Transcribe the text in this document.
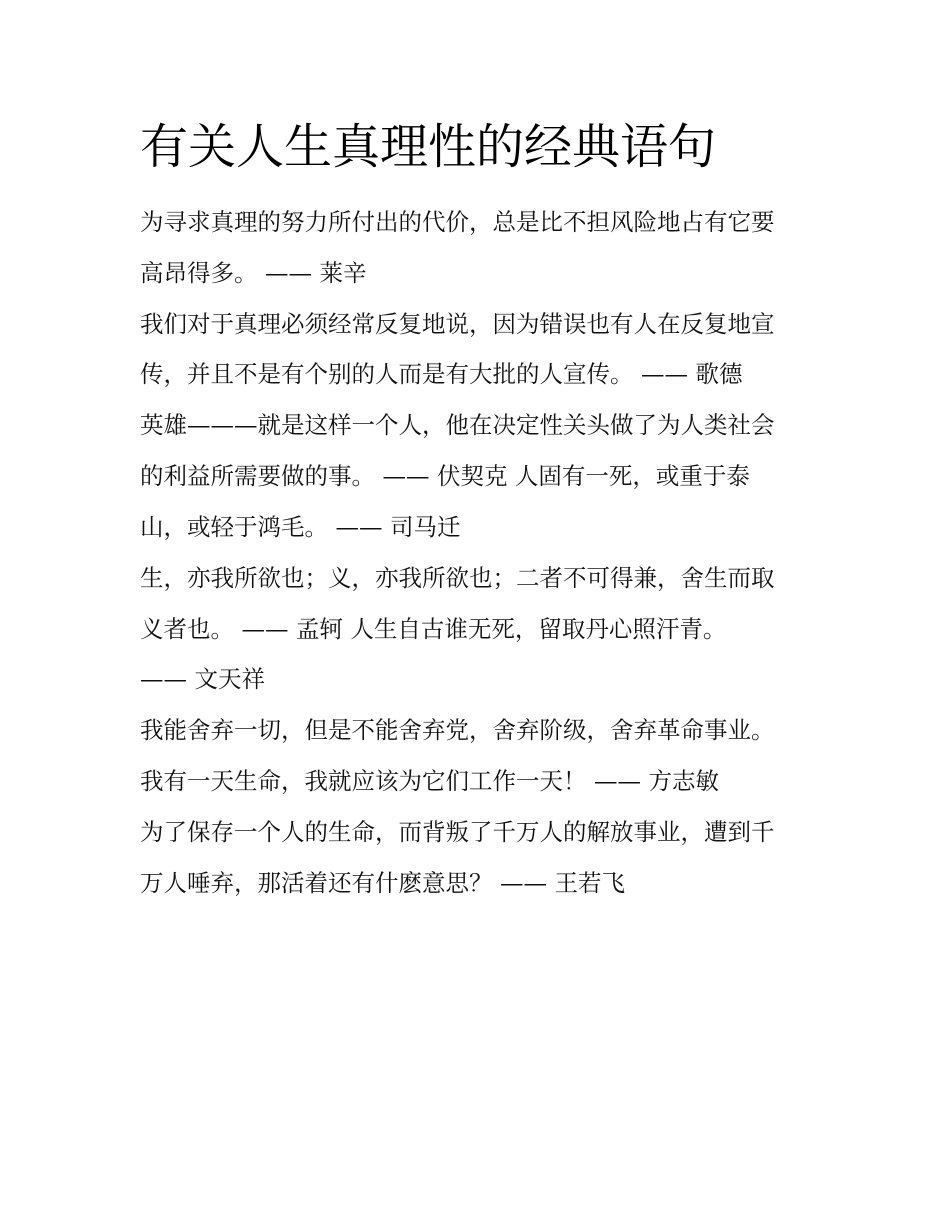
有关人生真理性的经典语句

为寻求真理的努力所付出的代价，总是比不担风险地占有它要

高昂得多。 —— 莱辛

我们对于真理必须经常反复地说，因为错误也有人在反复地宣

传，并且不是有个别的人而是有大批的人宣传。 —— 歌德

英雄———就是这样一个人，他在决定性关头做了为人类社会

的利益所需要做的事。 —— 伏契克 人固有一死，或重于泰

山，或轻于鸿毛。 —— 司马迁

生，亦我所欲也；义，亦我所欲也；二者不可得兼，舍生而取

义者也。 —— 孟轲 人生自古谁无死，留取丹心照汗青。

—— 文天祥

我能舍弃一切，但是不能舍弃党，舍弃阶级，舍弃革命事业。

我有一天生命，我就应该为它们工作一天！ —— 方志敏

为了保存一个人的生命，而背叛了千万人的解放事业，遭到千

万人唾弃，那活着还有什麽意思？ —— 王若飞
